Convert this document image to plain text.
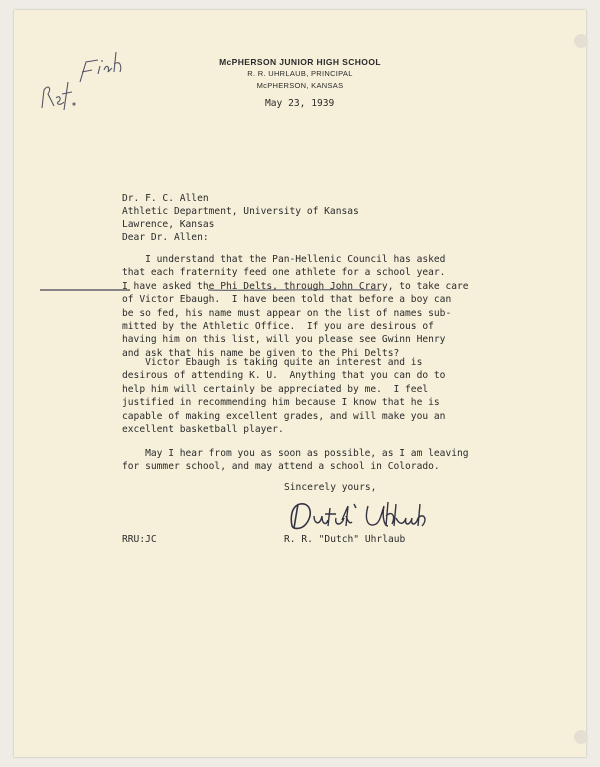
McPHERSON JUNIOR HIGH SCHOOL
R. R. UHRLAUB, PRINCIPAL
McPHERSON, KANSAS
May 23, 1939
Dr. F. C. Allen
Athletic Department, University of Kansas
Lawrence, Kansas
Dear Dr. Allen:
I understand that the Pan-Hellenic Council has asked
that each fraternity feed one athlete for a school year.
I have asked the Phi Delts, through John Crary, to take care
of Victor Ebaugh.  I have been told that before a boy can
be so fed, his name must appear on the list of names sub-
mitted by the Athletic Office.  If you are desirous of
having him on this list, will you please see Gwinn Henry
and ask that his name be given to the Phi Delts?
Victor Ebaugh is taking quite an interest and is
desirous of attending K. U.  Anything that you can do to
help him will certainly be appreciated by me.  I feel
justified in recommending him because I know that he is
capable of making excellent grades, and will make you an
excellent basketball player.
May I hear from you as soon as possible, as I am leaving
for summer school, and may attend a school in Colorado.
Sincerely yours,
R. R. "Dutch" Uhrlaub
RRU:JC
